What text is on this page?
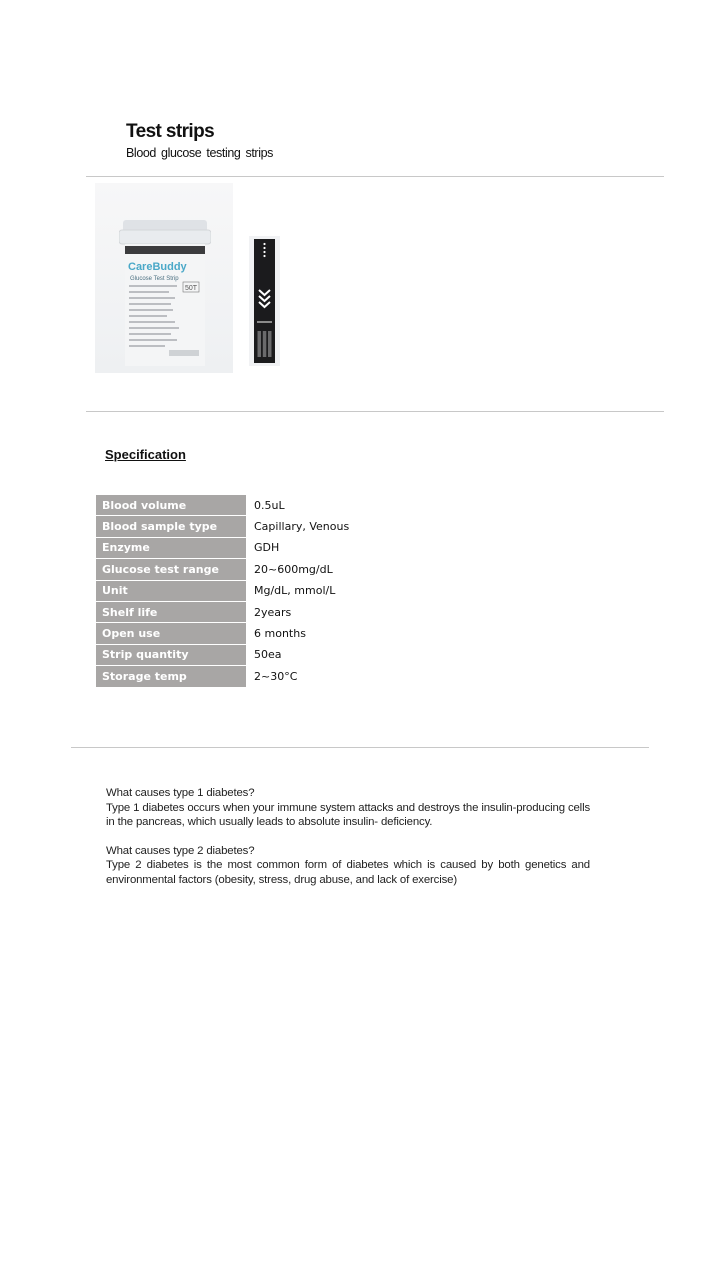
Test strips
Blood glucose testing strips
CareBuddy
Glucose Test Strip
50T
Specification
Blood volume	0.5uL
Blood sample type	Capillary, Venous
Enzyme	GDH
Glucose test range	20~600mg/dL
Unit	Mg/dL, mmol/L
Shelf life	2years
Open use	6 months
Strip quantity	50ea
Storage temp	2~30°C

What causes type 1 diabetes?

Type 1 diabetes occurs when your immune system attacks and destroys the insulin-producing cells in the pancreas, which usually leads to absolute insulin- deficiency.

What causes type 2 diabetes?

Type 2 diabetes is the most common form of diabetes which is caused by both genetics and environmental factors (obesity, stress, drug abuse, and lack of exercise)
